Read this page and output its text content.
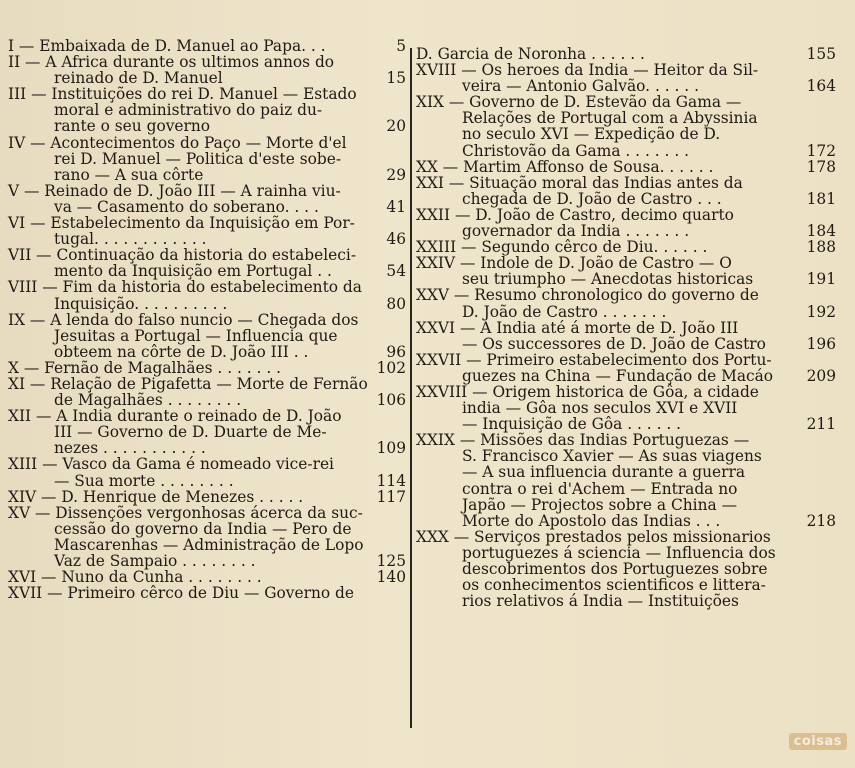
I — Embaixada de D. Manuel ao Papa. . .	5
II — A Africa durante os ultimos annos do
reinado de D. Manuel	15
III — Instituições do rei D. Manuel — Estado
moral e administrativo do paiz du-
rante o seu governo	20
IV — Acontecimentos do Paço — Morte d'el
rei D. Manuel — Politica d'este sobe-
rano — A sua côrte	29
V — Reinado de D. João III — A rainha viu-
va — Casamento do soberano. . . .	41
VI — Estabelecimento da Inquisição em Por-
tugal. . . . . . . . . . . .	46
VII — Continuação da historia do estabeleci-
mento da Inquisição em Portugal . .	54
VIII — Fim da historia do estabelecimento da
Inquisição. . . . . . . . . .	80
IX — A lenda do falso nuncio — Chegada dos
Jesuitas a Portugal — Influencia que
obteem na côrte de D. João III . .	96
X — Fernão de Magalhães . . . . . . .	102
XI — Relação de Pigafetta — Morte de Fernão
de Magalhães . . . . . . . .	106
XII — A India durante o reinado de D. João
III — Governo de D. Duarte de Me-
nezes . . . . . . . . . . .	109
XIII — Vasco da Gama é nomeado vice-rei
— Sua morte . . . . . . . .	114
XIV — D. Henrique de Menezes . . . . .	117
XV — Dissenções vergonhosas ácerca da suc-
cessão do governo da India — Pero de
Mascarenhas — Administração de Lopo
Vaz de Sampaio . . . . . . . .	125
XVI — Nuno da Cunha . . . . . . . .	140
XVII — Primeiro cêrco de Diu — Governo de
D. Garcia de Noronha . . . . . .	155
XVIII — Os heroes da India — Heitor da Sil-
veira — Antonio Galvão. . . . . .	164
XIX — Governo de D. Estevão da Gama —
Relações de Portugal com a Abyssinia
no seculo XVI — Expedição de D.
Christovão da Gama . . . . . . .	172
XX — Martim Affonso de Sousa. . . . . .	178
XXI — Situação moral das Indias antes da
chegada de D. João de Castro . . .	181
XXII — D. João de Castro, decimo quarto
governador da India . . . . . . .	184
XXIII — Segundo cêrco de Diu. . . . . .	188
XXIV — Indole de D. João de Castro — O
seu triumpho — Anecdotas historicas	191
XXV — Resumo chronologico do governo de
D. João de Castro . . . . . . .	192
XXVI — A India até á morte de D. João III
— Os successores de D. João de Castro	196
XXVII — Primeiro estabelecimento dos Portu-
guezes na China — Fundação de Macáo	209
XXVIII — Origem historica de Gôa, a cidade
india — Gôa nos seculos XVI e XVII
— Inquisição de Gôa . . . . . .	211
XXIX — Missões das Indias Portuguezas —
S. Francisco Xavier — As suas viagens
— A sua influencia durante a guerra
contra o rei d'Achem — Entrada no
Japão — Projectos sobre a China —
Morte do Apostolo das Indias . . .	218
XXX — Serviços prestados pelos missionarios
portuguezes á sciencia — Influencia dos
descobrimentos dos Portuguezes sobre
os conhecimentos scientificos e littera-
rios relativos á India — Instituições
coisas
